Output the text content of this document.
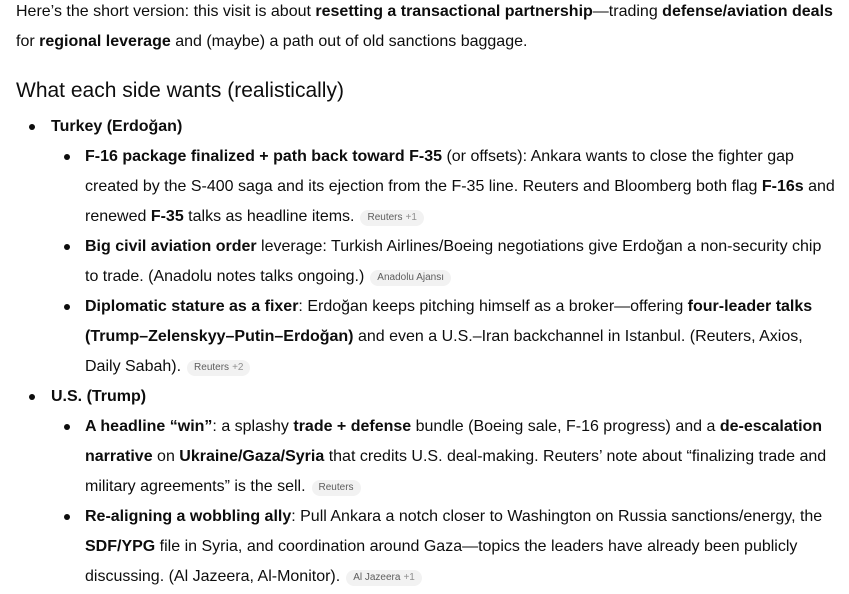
Here’s the short version: this visit is about resetting a transactional partnership—trading defense/aviation deals for regional leverage and (maybe) a path out of old sanctions baggage.

What each side wants (realistically)
Turkey (Erdoğan)
F-16 package finalized + path back toward F-35 (or offsets): Ankara wants to close the fighter gap created by the S-400 saga and its ejection from the F-35 line. Reuters and Bloomberg both flag F-16s and renewed F-35 talks as headline items. Reuters +1
Big civil aviation order leverage: Turkish Airlines/Boeing negotiations give Erdoğan a non-security chip to trade. (Anadolu notes talks ongoing.) Anadolu Ajansı
Diplomatic stature as a fixer: Erdoğan keeps pitching himself as a broker—offering four-leader talks (Trump–Zelenskyy–Putin–Erdoğan) and even a U.S.–Iran backchannel in Istanbul. (Reuters, Axios, Daily Sabah). Reuters +2
U.S. (Trump)
A headline “win”: a splashy trade + defense bundle (Boeing sale, F-16 progress) and a de-escalation narrative on Ukraine/Gaza/Syria that credits U.S. deal-making. Reuters’ note about “finalizing trade and military agreements” is the sell. Reuters
Re-aligning a wobbling ally: Pull Ankara a notch closer to Washington on Russia sanctions/energy, the SDF/YPG file in Syria, and coordination around Gaza—topics the leaders have already been publicly discussing. (Al Jazeera, Al-Monitor). Al Jazeera +1
